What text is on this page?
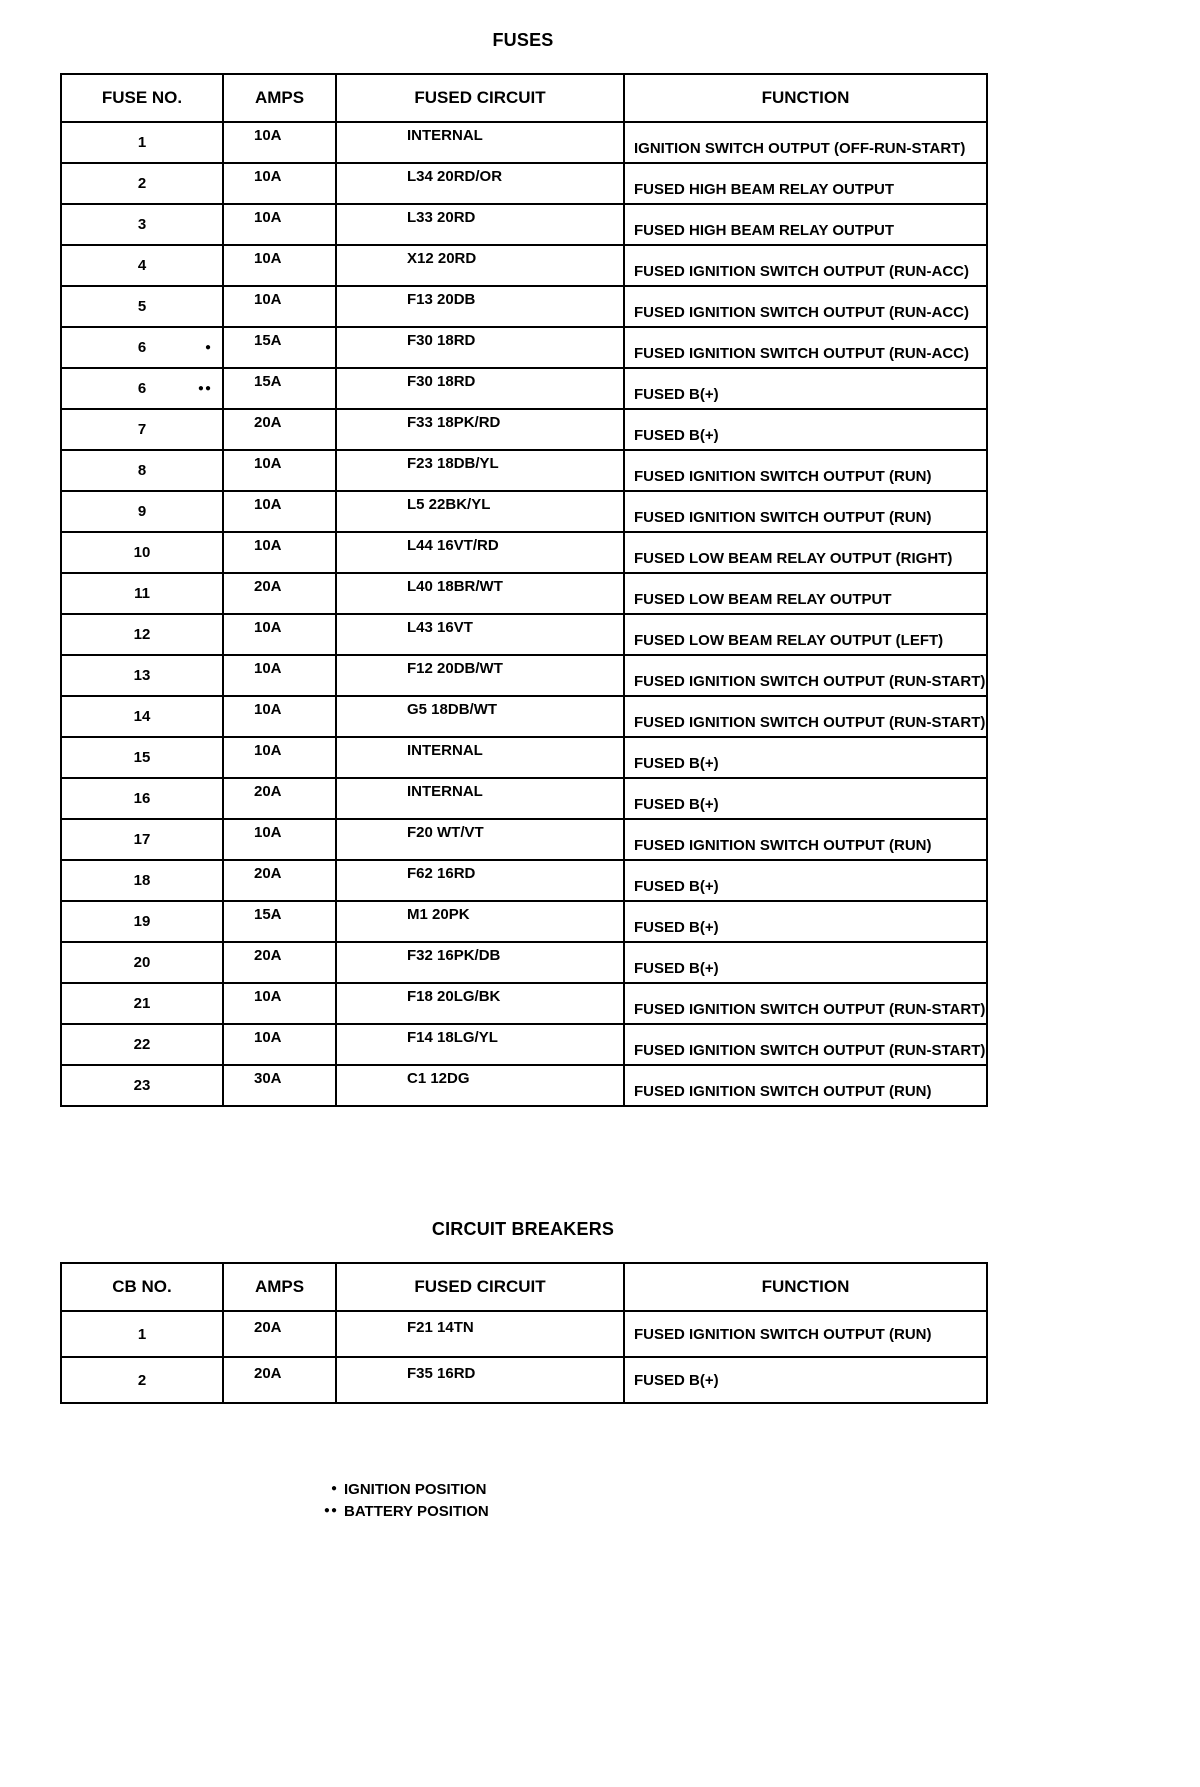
FUSES
FUSE NO.	AMPS	FUSED CIRCUIT	FUNCTION
1	10A	INTERNAL	IGNITION SWITCH OUTPUT (OFF-RUN-START)
2	10A	L34 20RD/OR	FUSED HIGH BEAM RELAY OUTPUT
3	10A	L33 20RD	FUSED HIGH BEAM RELAY OUTPUT
4	10A	X12 20RD	FUSED IGNITION SWITCH OUTPUT (RUN-ACC)
5	10A	F13 20DB	FUSED IGNITION SWITCH OUTPUT (RUN-ACC)
6 ●	15A	F30 18RD	FUSED IGNITION SWITCH OUTPUT (RUN-ACC)
6 ●●	15A	F30 18RD	FUSED B(+)
7	20A	F33 18PK/RD	FUSED B(+)
8	10A	F23 18DB/YL	FUSED IGNITION SWITCH OUTPUT (RUN)
9	10A	L5 22BK/YL	FUSED IGNITION SWITCH OUTPUT (RUN)
10	10A	L44 16VT/RD	FUSED LOW BEAM RELAY OUTPUT (RIGHT)
11	20A	L40 18BR/WT	FUSED LOW BEAM RELAY OUTPUT
12	10A	L43 16VT	FUSED LOW BEAM RELAY OUTPUT (LEFT)
13	10A	F12 20DB/WT	FUSED IGNITION SWITCH OUTPUT (RUN-START)
14	10A	G5 18DB/WT	FUSED IGNITION SWITCH OUTPUT (RUN-START)
15	10A	INTERNAL	FUSED B(+)
16	20A	INTERNAL	FUSED B(+)
17	10A	F20 WT/VT	FUSED IGNITION SWITCH OUTPUT (RUN)
18	20A	F62 16RD	FUSED B(+)
19	15A	M1 20PK	FUSED B(+)
20	20A	F32 16PK/DB	FUSED B(+)
21	10A	F18 20LG/BK	FUSED IGNITION SWITCH OUTPUT (RUN-START)
22	10A	F14 18LG/YL	FUSED IGNITION SWITCH OUTPUT (RUN-START)
23	30A	C1 12DG	FUSED IGNITION SWITCH OUTPUT (RUN)
CIRCUIT BREAKERS
CB NO.	AMPS	FUSED CIRCUIT	FUNCTION
1	20A	F21 14TN	FUSED IGNITION SWITCH OUTPUT (RUN)
2	20A	F35 16RD	FUSED B(+)
● IGNITION POSITION
●● BATTERY POSITION
